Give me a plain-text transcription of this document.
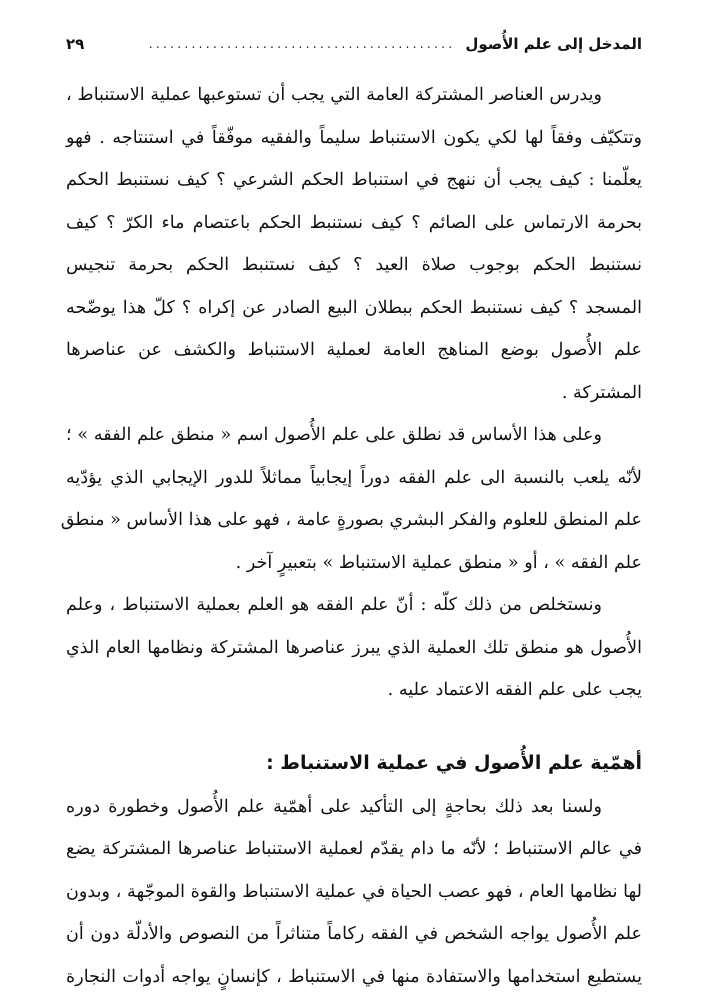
المدخل إلى علم الأُصول
...........................................
٢٩

ويدرس العناصر المشتركة العامة التي يجب أن تستوعبها عملية الاستنباط ،

وتتكيّف وفقاً لها لكي يكون الاستنباط سليماً والفقيه موفّقاً في استنتاجه . فهو

يعلّمنا : كيف يجب أن ننهج في استنباط الحكم الشرعي ؟ كيف نستنبط الحكم

بحرمة الارتماس على الصائم ؟ كيف نستنبط الحكم باعتصام ماء الكرّ ؟ كيف

نستنبط الحكم بوجوب صلاة العيد ؟ كيف نستنبط الحكم بحرمة تنجيس

المسجد ؟ كيف نستنبط الحكم ببطلان البيع الصادر عن إكراه ؟ كلّ هذا يوضّحه

علم الأُصول بوضع المناهج العامة لعملية الاستنباط والكشف عن عناصرها

المشتركة .

وعلى هذا الأساس قد نطلق على علم الأُصول اسم « منطق علم الفقه » ؛

لأنّه يلعب بالنسبة الى علم الفقه دوراً إيجابياً مماثلاً للدور الإيجابي الذي يؤدّيه

علم المنطق للعلوم والفكر البشري بصورةٍ عامة ، فهو على هذا الأساس « منطق

علم الفقه » ، أو « منطق عملية الاستنباط » بتعبيرٍ آخر .

ونستخلص من ذلك كلّه : أنّ علم الفقه هو العلم بعملية الاستنباط ، وعلم

الأُصول هو منطق تلك العملية الذي يبرز عناصرها المشتركة ونظامها العام الذي

يجب على علم الفقه الاعتماد عليه .

أهمّية علم الأُصول في عملية الاستنباط :

ولسنا بعد ذلك بحاجةٍ إلى التأكيد على أهمّية علم الأُصول وخطورة دوره

في عالم الاستنباط ؛ لأنّه ما دام يقدّم لعملية الاستنباط عناصرها المشتركة يضع

لها نظامها العام ، فهو عصب الحياة في عملية الاستنباط والقوة الموجّهة ، وبدون

علم الأُصول يواجه الشخص في الفقه ركاماً متناثراً من النصوص والأدلّة دون أن

يستطيع استخدامها والاستفادة منها في الاستنباط ، كإنسانٍ يواجه أدوات النجارة
